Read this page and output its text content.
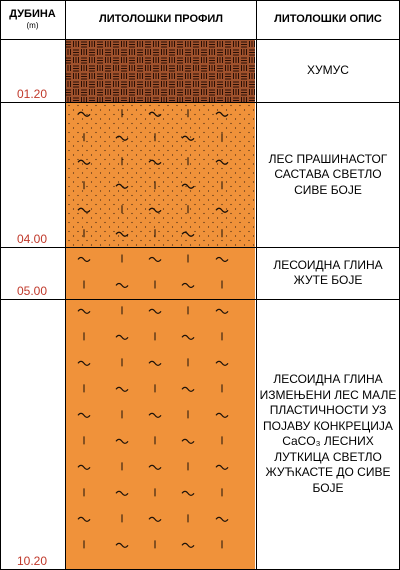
ДУБИНА
(m)
ЛИТОЛОШКИ ПРОФИЛ	ЛИТОЛОШКИ ОПИС
01.20
ХУМУС
04.00
ЛЕС ПРАШИНАСТОГ САСТАВА СВЕТЛО СИВЕ БОЈЕ
05.00
ЛЕСОИДНА ГЛИНА ЖУТЕ БОЈЕ
10.20
ЛЕСОИДНА ГЛИНА ИЗМЕЊЕНИ ЛЕС МАЛЕ ПЛАСТИЧНОСТИ УЗ ПОЈАВУ КОНКРЕЦИЈА CaCO₃ ЛЕСНИХ ЛУТКИЦА СВЕТЛО ЖУЋКАСТЕ ДО СИВЕ БОЈЕ
